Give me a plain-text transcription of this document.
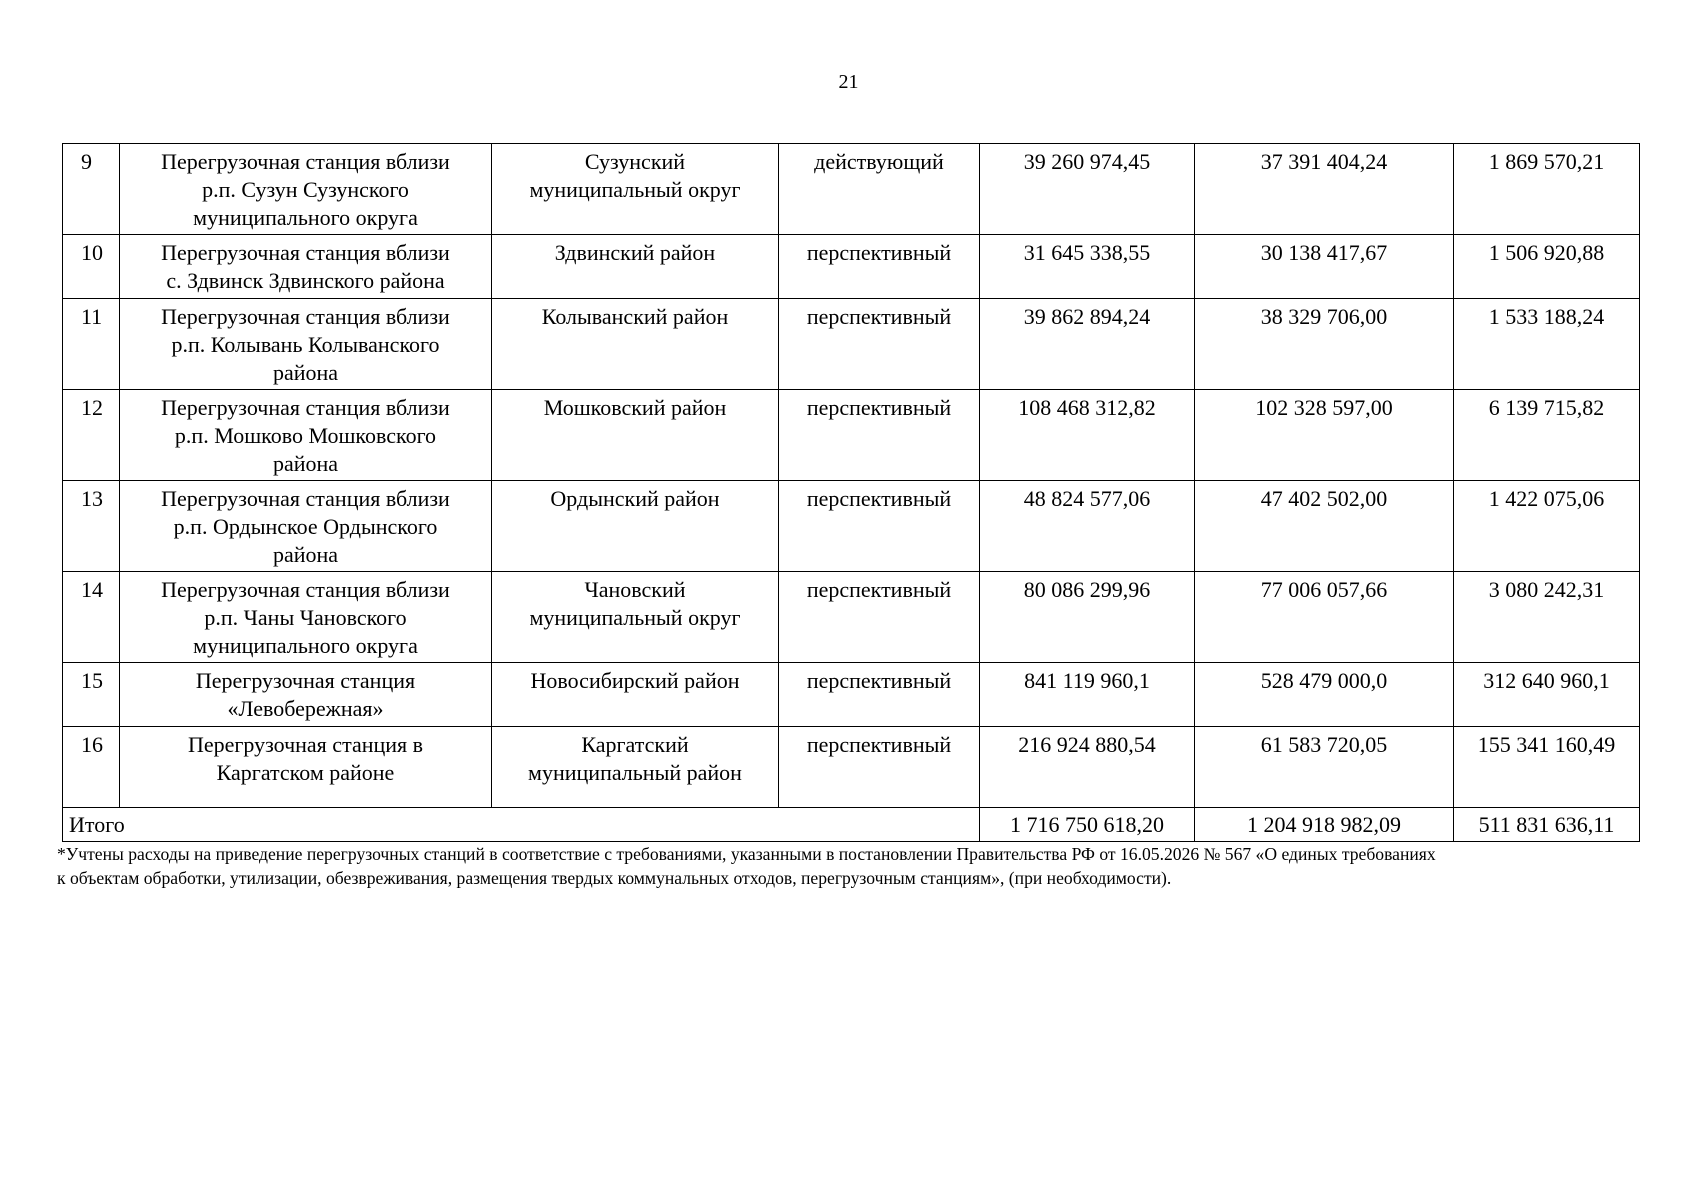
21
9	Перегрузочная станция вблизи
р.п. Сузун Сузунского
муниципального округа	Сузунский
муниципальный округ	действующий	39 260 974,45	37 391 404,24	1 869 570,21
10	Перегрузочная станция вблизи
с. Здвинск Здвинского района	Здвинский район	перспективный	31 645 338,55	30 138 417,67	1 506 920,88
11	Перегрузочная станция вблизи
р.п. Колывань Колыванского
района	Колыванский район	перспективный	39 862 894,24	38 329 706,00	1 533 188,24
12	Перегрузочная станция вблизи
р.п. Мошково Мошковского
района	Мошковский район	перспективный	108 468 312,82	102 328 597,00	6 139 715,82
13	Перегрузочная станция вблизи
р.п. Ордынское Ордынского
района	Ордынский район	перспективный	48 824 577,06	47 402 502,00	1 422 075,06
14	Перегрузочная станция вблизи
р.п. Чаны Чановского
муниципального округа	Чановский
муниципальный округ	перспективный	80 086 299,96	77 006 057,66	3 080 242,31
15	Перегрузочная станция
«Левобережная»	Новосибирский район	перспективный	841 119 960,1	528 479 000,0	312 640 960,1
16	Перегрузочная станция в
Каргатском районе	Каргатский
муниципальный район	перспективный	216 924 880,54	61 583 720,05	155 341 160,49
Итого				1 716 750 618,20	1 204 918 982,09	511 831 636,11
*Учтены расходы на приведение перегрузочных станций в соответствие с требованиями, указанными в постановлении Правительства РФ от 16.05.2026 № 567 «О единых требованиях
к объектам обработки, утилизации, обезвреживания, размещения твердых коммунальных отходов, перегрузочным станциям», (при необходимости).
